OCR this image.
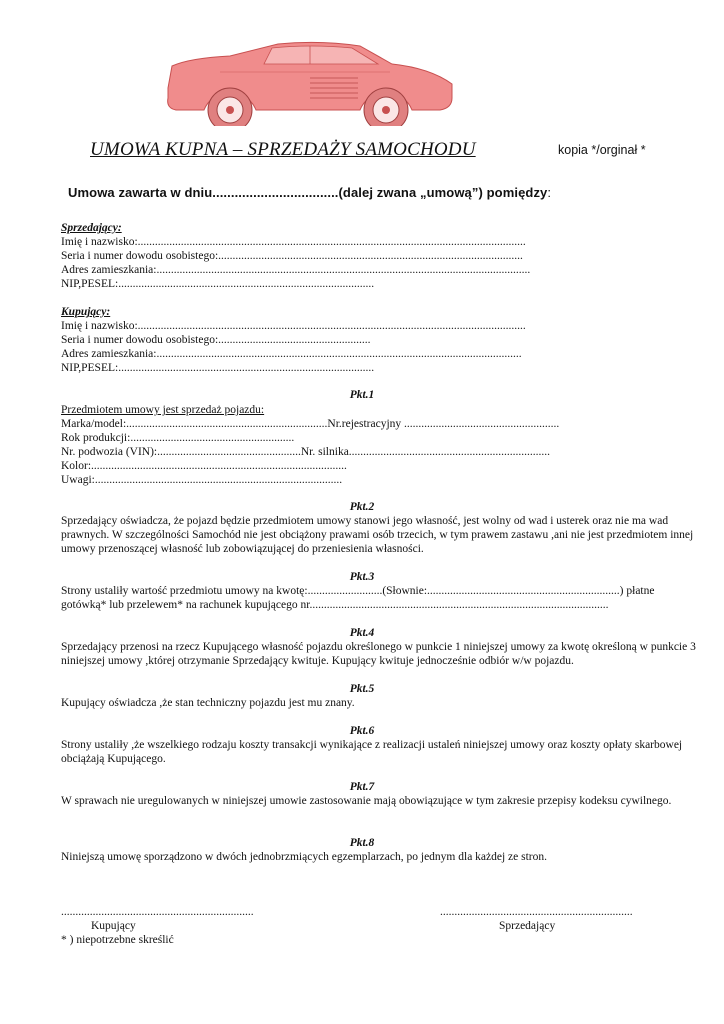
UMOWA KUPNA – SPRZEDAŻY SAMOCHODU	kopia */orginał *
Umowa zawarta w dniu..................................(dalej zwana „umową”) pomiędzy:
Sprzedający:
Imię i nazwisko:.......................................................................................................................................
Seria i numer dowodu osobistego:..........................................................................................................
Adres zamieszkania:..................................................................................................................................
NIP,PESEL:.........................................................................................
Kupujący:
Imię i nazwisko:.......................................................................................................................................
Seria i numer dowodu osobistego:.....................................................
Adres zamieszkania:...............................................................................................................................
NIP,PESEL:.........................................................................................
Pkt.1
Przedmiotem umowy jest sprzedaż pojazdu:
Marka/model:......................................................................Nr.rejestracyjny ......................................................
Rok produkcji:.........................................................
Nr. podwozia (VIN):..................................................Nr. silnika......................................................................
Kolor:.........................................................................................
Uwagi:......................................................................................
Pkt.2
Sprzedający oświadcza, że pojazd będzie przedmiotem umowy stanowi jego własność, jest wolny od wad i usterek oraz nie ma wad prawnych. W szczególności Samochód nie jest obciążony prawami osób trzecich, w tym prawem zastawu ,ani nie jest przedmiotem innej umowy przenoszącej własność lub zobowiązującej do przeniesienia własności.
Pkt.3
Strony ustaliły wartość przedmiotu umowy na kwotę:..........................(Słownie:...................................................................) płatne
gotówką* lub przelewem* na rachunek kupującego nr........................................................................................................
Pkt.4
Sprzedający przenosi na rzecz Kupującego własność pojazdu określonego w punkcie 1 niniejszej umowy za kwotę określoną w punkcie 3 niniejszej umowy ,której otrzymanie Sprzedający kwituje. Kupujący kwituje jednocześnie odbiór w/w pojazdu.
Pkt.5
Kupujący oświadcza ,że stan techniczny pojazdu jest mu znany.
Pkt.6
Strony ustaliły ,że wszelkiego rodzaju koszty transakcji wynikające z realizacji ustaleń niniejszej umowy oraz koszty opłaty skarbowej obciążają Kupującego.
Pkt.7
W sprawach nie uregulowanych w niniejszej umowie zastosowanie mają obowiązujące w tym zakresie przepisy kodeksu cywilnego.
Pkt.8
Niniejszą umowę sporządzono w dwóch jednobrzmiących egzemplarzach, po jednym dla każdej ze stron.
...................................................................	...................................................................
Kupujący	Sprzedający
* ) niepotrzebne skreślić
